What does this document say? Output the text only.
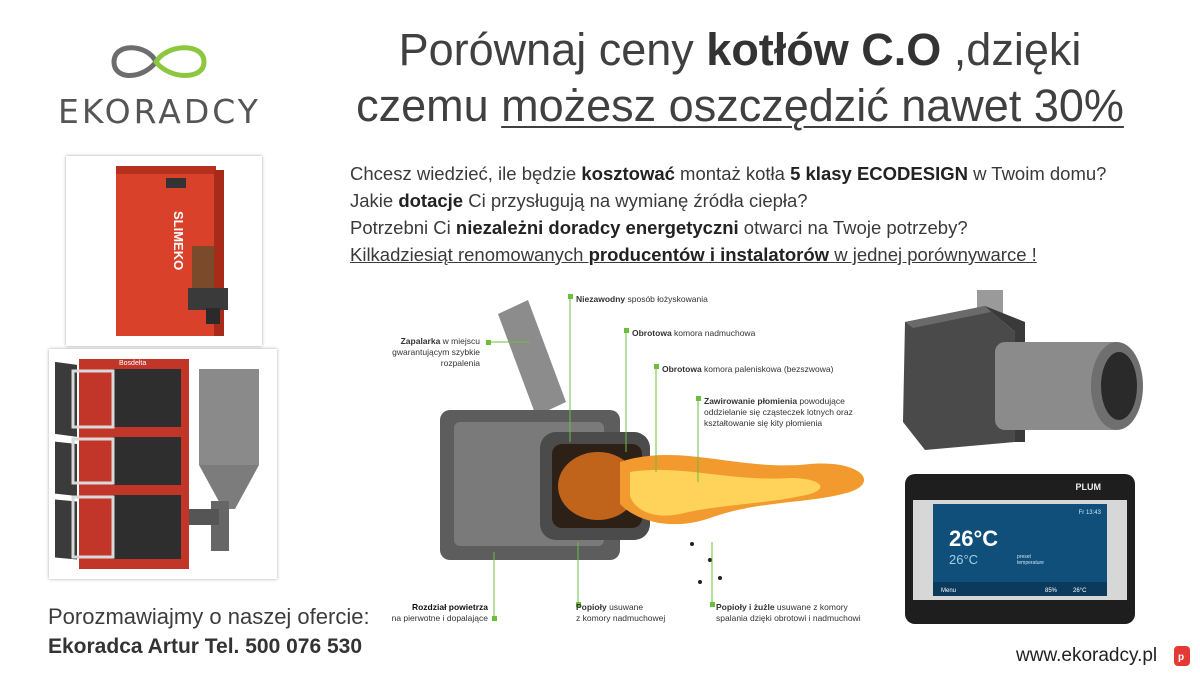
EKORADCY
Porównaj ceny kotłów C.O ,dzięki
czemu możesz oszczędzić nawet 30%
Chcesz wiedzieć, ile będzie kosztować montaż kotła 5 klasy ECODESIGN w Twoim domu?
Jakie dotacje Ci przysługują na wymianę źródła ciepła?
Potrzebni Ci niezależni doradcy energetyczni otwarci na Twoje potrzeby?
Kilkadziesiąt renomowanych producentów i instalatorów w jednej porównywarce !
SLIMEKO
Bosdelta
Niezawodny sposób łożyskowania
Obrotowa komora nadmuchowa
Obrotowa komora paleniskowa (bezszwowa)
Zawirowanie płomienia powodujące
oddzielanie się cząsteczek lotnych oraz
kształtowanie się kity płomienia
Zapalarka w miejscu
gwarantującym szybkie
rozpalenia
Rozdział powietrza
na pierwotne i dopalające
Popioły usuwane
z komory nadmuchowej
Popioły i żużle usuwane z komory
spalania dzięki obrotowi i nadmuchowi
PLUM
Fr 13:43
26°C
26°C	preset
temperature
Menu	85%	26°C
Porozmawiajmy o naszej ofercie:
Ekoradca Artur Tel. 500 076 530	www.ekoradcy.pl p
